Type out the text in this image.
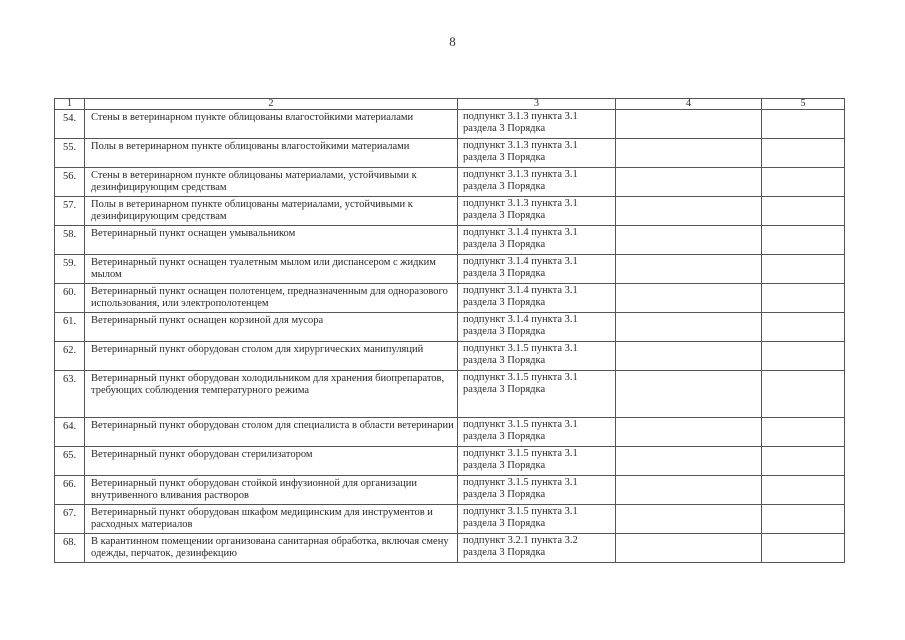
8
1	2	3	4	5
54.	Стены в ветеринарном пункте облицованы влагостойкими материалами	подпункт 3.1.3 пункта 3.1 раздела 3 Порядка		
55.	Полы в ветеринарном пункте облицованы влагостойкими материалами	подпункт 3.1.3 пункта 3.1 раздела 3 Порядка		
56.	Стены в ветеринарном пункте облицованы материалами, устойчивыми к дезинфицирующим средствам	подпункт 3.1.3 пункта 3.1 раздела 3 Порядка		
57.	Полы в ветеринарном пункте облицованы материалами, устойчивыми к дезинфицирующим средствам	подпункт 3.1.3 пункта 3.1 раздела 3 Порядка		
58.	Ветеринарный пункт оснащен умывальником	подпункт 3.1.4 пункта 3.1 раздела 3 Порядка		
59.	Ветеринарный пункт оснащен туалетным мылом или диспансером с жидким мылом	подпункт 3.1.4 пункта 3.1 раздела 3 Порядка		
60.	Ветеринарный пункт оснащен полотенцем, предназначенным для одноразового использования, или электрополотенцем	подпункт 3.1.4 пункта 3.1 раздела 3 Порядка		
61.	Ветеринарный пункт оснащен корзиной для мусора	подпункт 3.1.4 пункта 3.1 раздела 3 Порядка		
62.	Ветеринарный пункт оборудован столом для хирургических манипуляций	подпункт 3.1.5 пункта 3.1 раздела 3 Порядка		
63.	Ветеринарный пункт оборудован холодильником для хранения биопрепаратов, требующих соблюдения температурного режима	подпункт 3.1.5 пункта 3.1 раздела 3 Порядка		
64.	Ветеринарный пункт оборудован столом для специалиста в области ветеринарии	подпункт 3.1.5 пункта 3.1 раздела 3 Порядка		
65.	Ветеринарный пункт оборудован стерилизатором	подпункт 3.1.5 пункта 3.1 раздела 3 Порядка		
66.	Ветеринарный пункт оборудован стойкой инфузионной для организации внутривенного вливания растворов	подпункт 3.1.5 пункта 3.1 раздела 3 Порядка		
67.	Ветеринарный пункт оборудован шкафом медицинским для инструментов и расходных материалов	подпункт 3.1.5 пункта 3.1 раздела 3 Порядка		
68.	В карантинном помещении организована санитарная обработка, включая смену одежды, перчаток, дезинфекцию	подпункт 3.2.1 пункта 3.2 раздела 3 Порядка		
